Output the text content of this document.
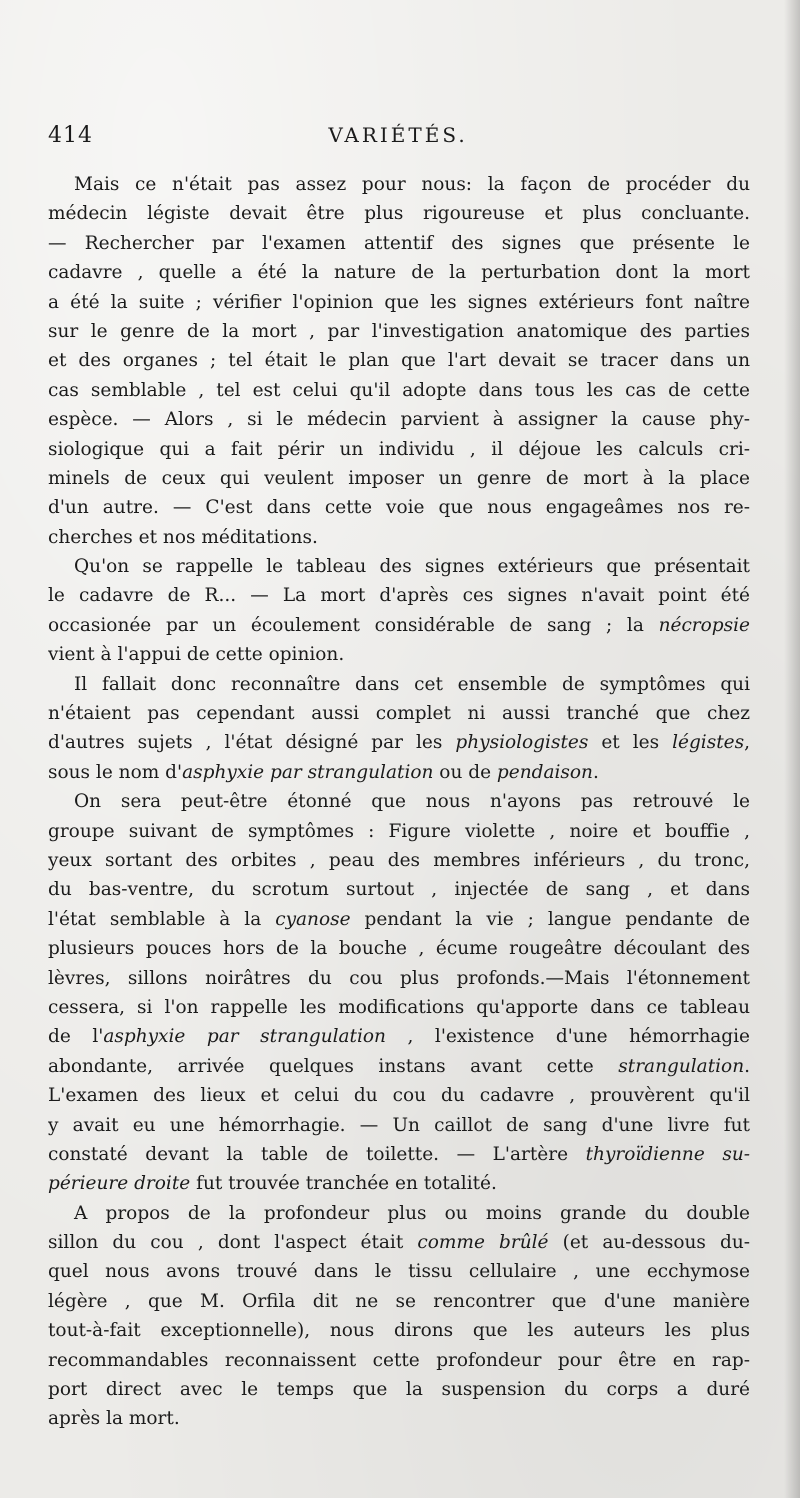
414	VARIÉTÉS.
Mais ce n'était pas assez pour nous: la façon de procéder du
médecin légiste devait être plus rigoureuse et plus concluante.
— Rechercher par l'examen attentif des signes que présente le
cadavre , quelle a été la nature de la perturbation dont la mort
a été la suite ; vérifier l'opinion que les signes extérieurs font naître
sur le genre de la mort , par l'investigation anatomique des parties
et des organes ; tel était le plan que l'art devait se tracer dans un
cas semblable , tel est celui qu'il adopte dans tous les cas de cette
espèce. — Alors , si le médecin parvient à assigner la cause phy-
siologique qui a fait périr un individu , il déjoue les calculs cri-
minels de ceux qui veulent imposer un genre de mort à la place
d'un autre. — C'est dans cette voie que nous engageâmes nos re-
cherches et nos méditations.
Qu'on se rappelle le tableau des signes extérieurs que présentait
le cadavre de R... — La mort d'après ces signes n'avait point été
occasionée par un écoulement considérable de sang ; la nécropsie
vient à l'appui de cette opinion.
Il fallait donc reconnaître dans cet ensemble de symptômes qui
n'étaient pas cependant aussi complet ni aussi tranché que chez
d'autres sujets , l'état désigné par les physiologistes et les légistes,
sous le nom d'asphyxie par strangulation ou de pendaison.
On sera peut-être étonné que nous n'ayons pas retrouvé le
groupe suivant de symptômes : Figure violette , noire et bouffie ,
yeux sortant des orbites , peau des membres inférieurs , du tronc,
du bas-ventre, du scrotum surtout , injectée de sang , et dans
l'état semblable à la cyanose pendant la vie ; langue pendante de
plusieurs pouces hors de la bouche , écume rougeâtre découlant des
lèvres, sillons noirâtres du cou plus profonds.—Mais l'étonnement
cessera, si l'on rappelle les modifications qu'apporte dans ce tableau
de l'asphyxie par strangulation , l'existence d'une hémorrhagie
abondante, arrivée quelques instans avant cette strangulation.
L'examen des lieux et celui du cou du cadavre , prouvèrent qu'il
y avait eu une hémorrhagie. — Un caillot de sang d'une livre fut
constaté devant la table de toilette. — L'artère thyroïdienne su-
périeure droite fut trouvée tranchée en totalité.
A propos de la profondeur plus ou moins grande du double
sillon du cou , dont l'aspect était comme brûlé (et au-dessous du-
quel nous avons trouvé dans le tissu cellulaire , une ecchymose
légère , que M. Orfila dit ne se rencontrer que d'une manière
tout-à-fait exceptionnelle), nous dirons que les auteurs les plus
recommandables reconnaissent cette profondeur pour être en rap-
port direct avec le temps que la suspension du corps a duré
après la mort.
